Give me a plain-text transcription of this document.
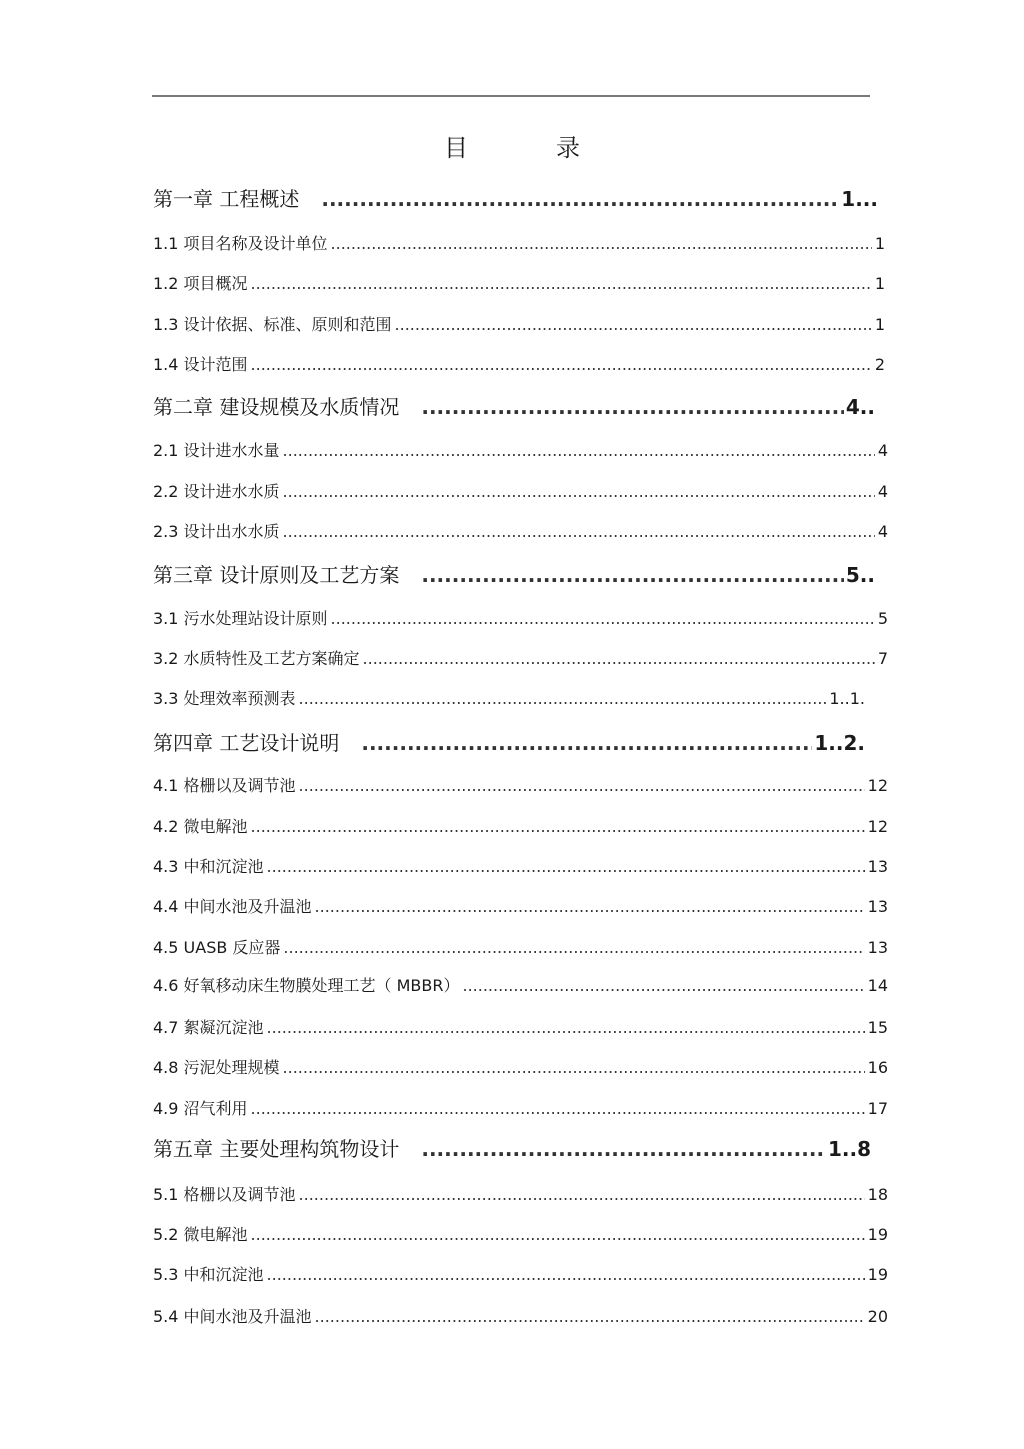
目　录
第一章 工程概述 .....	1...
1.1 项目名称及设计单位 .....	1
1.2 项目概况 .....	1
1.3 设计依据、标准、原则和范围 .....	1
1.4 设计范围 .....	2
第二章 建设规模及水质情况 .....	4..
2.1 设计进水水量 .....	4
2.2 设计进水水质 .....	4
2.3 设计出水水质 .....	4
第三章 设计原则及工艺方案 .....	5..
3.1 污水处理站设计原则 .....	5
3.2 水质特性及工艺方案确定 .....	7
3.3 处理效率预测表 .....	1..1.
第四章 工艺设计说明 .....	1..2.
4.1 格栅以及调节池 .....	12
4.2 微电解池 .....	12
4.3 中和沉淀池 .....	13
4.4 中间水池及升温池 .....	13
4.5 UASB 反应器 .....	13
4.6 好氧移动床生物膜处理工艺（ MBBR） .....	14
4.7 絮凝沉淀池 .....	15
4.8 污泥处理规模 .....	16
4.9 沼气利用 .....	17
第五章 主要处理构筑物设计 .....	1..8
5.1 格栅以及调节池 .....	18
5.2 微电解池 .....	19
5.3 中和沉淀池 .....	19
5.4 中间水池及升温池 .....	20
